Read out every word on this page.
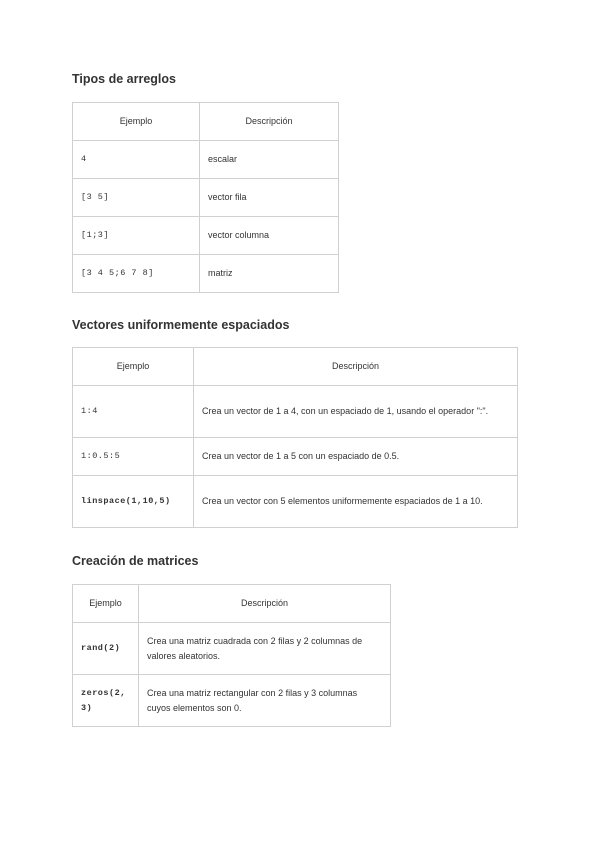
Tipos de arreglos
Ejemplo	Descripción
4	escalar
[3 5]	vector fila
[1;3]	vector columna
[3 4 5;6 7 8]	matriz
Vectores uniformemente espaciados
Ejemplo	Descripción
1:4	Crea un vector de 1 a 4, con un espaciado de 1, usando el operador ":".
1:0.5:5	Crea un vector de 1 a 5 con un espaciado de 0.5.
linspace(1,10,5)	Crea un vector con 5 elementos uniformemente espaciados de 1 a 10.
Creación de matrices
Ejemplo	Descripción
rand(2)	Crea una matriz cuadrada con 2 filas y 2 columnas de valores aleatorios.
zeros(2, 3)	Crea una matriz rectangular con 2 filas y 3 columnas cuyos elementos son 0.
